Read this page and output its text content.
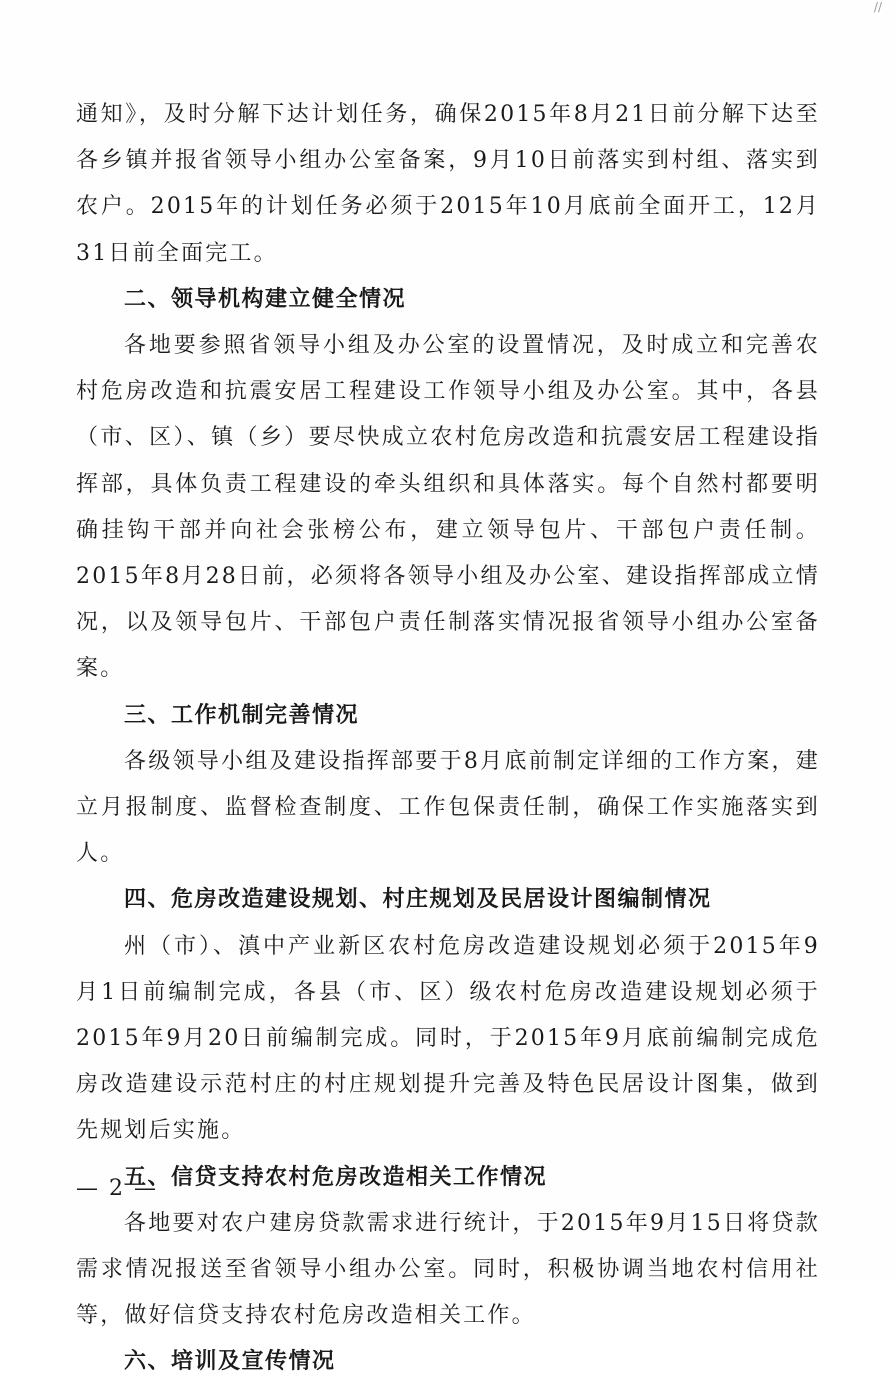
//

通知》，及时分解下达计划任务，确保2015年8月21日前分解下达至各乡镇并报省领导小组办公室备案，9月10日前落实到村组、落实到农户。2015年的计划任务必须于2015年10月底前全面开工，12月31日前全面完工。

二、领导机构建立健全情况

各地要参照省领导小组及办公室的设置情况，及时成立和完善农村危房改造和抗震安居工程建设工作领导小组及办公室。其中，各县（市、区）、镇（乡）要尽快成立农村危房改造和抗震安居工程建设指挥部，具体负责工程建设的牵头组织和具体落实。每个自然村都要明确挂钩干部并向社会张榜公布，建立领导包片、干部包户责任制。2015年8月28日前，必须将各领导小组及办公室、建设指挥部成立情况，以及领导包片、干部包户责任制落实情况报省领导小组办公室备案。

三、工作机制完善情况

各级领导小组及建设指挥部要于8月底前制定详细的工作方案，建立月报制度、监督检查制度、工作包保责任制，确保工作实施落实到人。

四、危房改造建设规划、村庄规划及民居设计图编制情况

州（市）、滇中产业新区农村危房改造建设规划必须于2015年9月1日前编制完成，各县（市、区）级农村危房改造建设规划必须于2015年9月20日前编制完成。同时，于2015年9月底前编制完成危房改造建设示范村庄的村庄规划提升完善及特色民居设计图集，做到先规划后实施。

五、信贷支持农村危房改造相关工作情况

各地要对农户建房贷款需求进行统计，于2015年9月15日将贷款需求情况报送至省领导小组办公室。同时，积极协调当地农村信用社等，做好信贷支持农村危房改造相关工作。

六、培训及宣传情况

— 2 —
